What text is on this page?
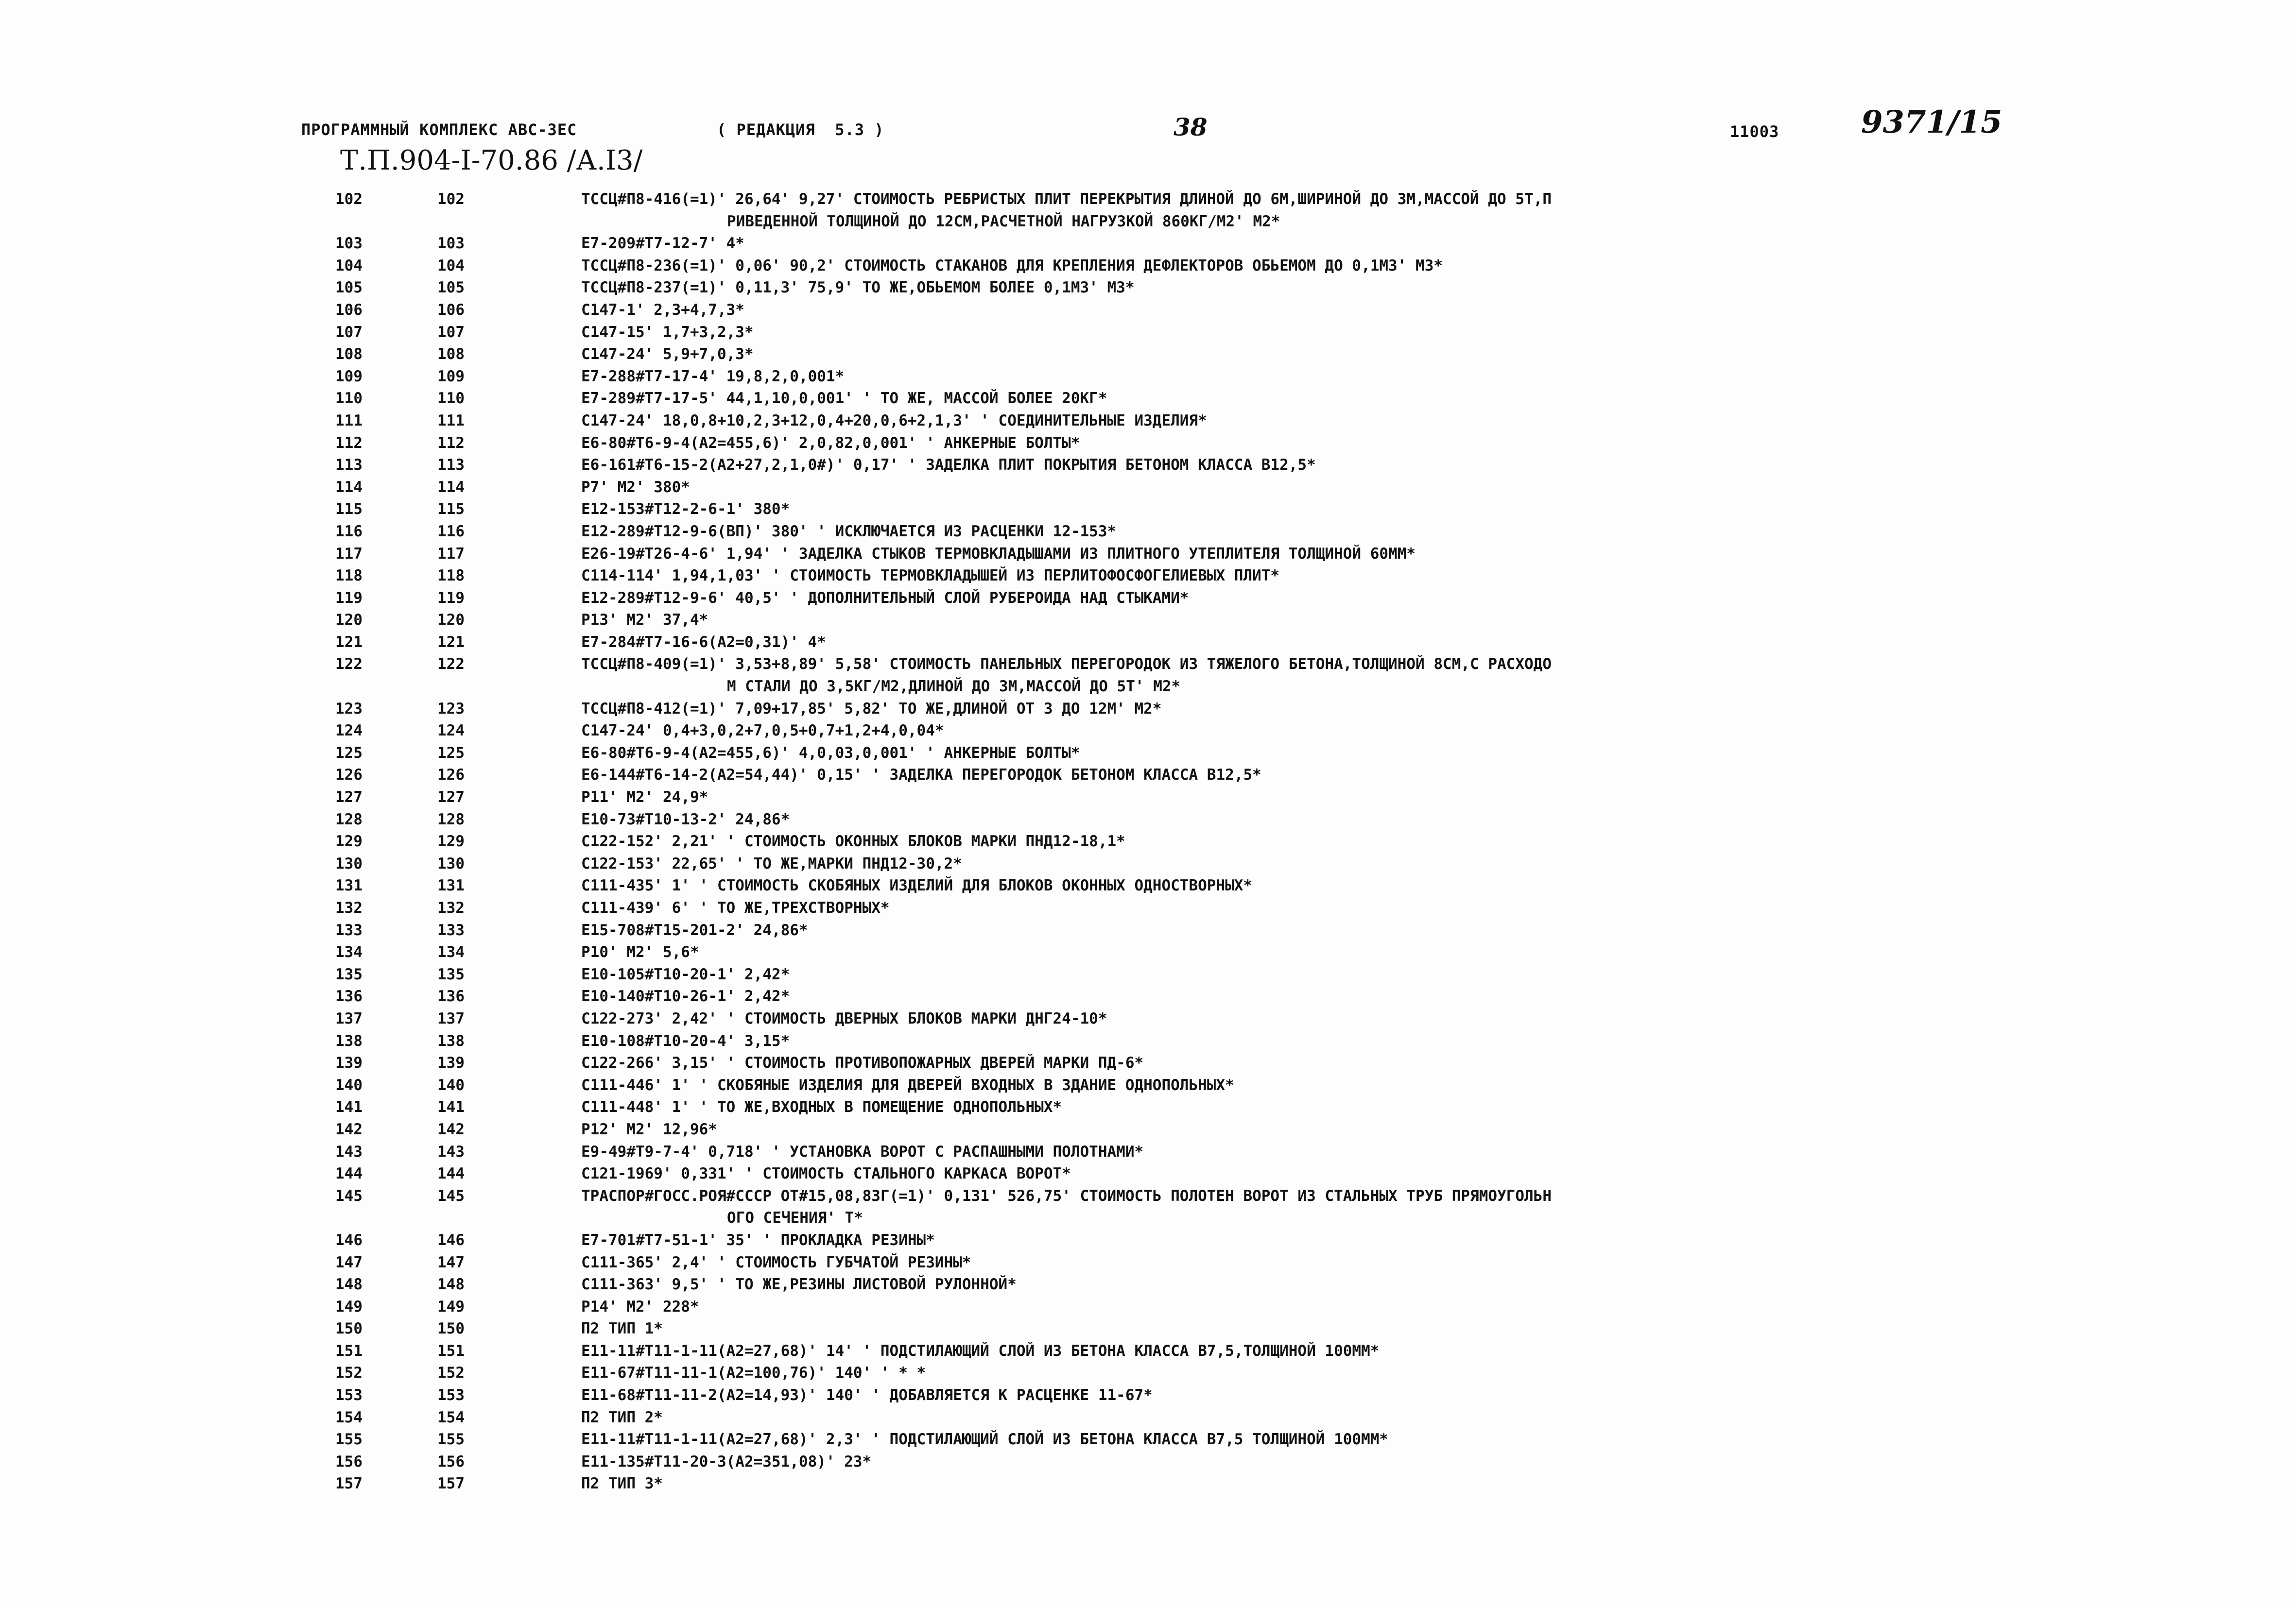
ПРОГРАММНЫЙ КОМПЛЕКС АВС-ЗЕС	( РЕДАКЦИЯ  5.3 )	38	11003	9371/15
Т.П.904-I-70.86 /А.I3/
102	102	ТССЦ#П8-416(=1)' 26,64' 9,27' СТОИМОСТЬ РЕБРИСТЫХ ПЛИТ ПЕРЕКРЫТИЯ ДЛИНОЙ ДО 6М,ШИРИНОЙ ДО 3М,МАССОЙ ДО 5Т,П
РИВЕДЕННОЙ ТОЛЩИНОЙ ДО 12СМ,РАСЧЕТНОЙ НАГРУЗКОЙ 860КГ/М2' М2*
103	103	Е7-209#Т7-12-7' 4*
104	104	ТССЦ#П8-236(=1)' 0,06' 90,2' СТОИМОСТЬ СТАКАНОВ ДЛЯ КРЕПЛЕНИЯ ДЕФЛЕКТОРОВ ОБЬЕМОМ ДО 0,1М3' М3*
105	105	ТССЦ#П8-237(=1)' 0,11,3' 75,9' ТО ЖЕ,ОБЬЕМОМ БОЛЕЕ 0,1М3' М3*
106	106	С147-1' 2,3+4,7,3*
107	107	С147-15' 1,7+3,2,3*
108	108	С147-24' 5,9+7,0,3*
109	109	Е7-288#Т7-17-4' 19,8,2,0,001*
110	110	Е7-289#Т7-17-5' 44,1,10,0,001' ' ТО ЖЕ, МАССОЙ БОЛЕЕ 20КГ*
111	111	С147-24' 18,0,8+10,2,3+12,0,4+20,0,6+2,1,3' ' СОЕДИНИТЕЛЬНЫЕ ИЗДЕЛИЯ*
112	112	Е6-80#Т6-9-4(А2=455,6)' 2,0,82,0,001' ' АНКЕРНЫЕ БОЛТЫ*
113	113	Е6-161#Т6-15-2(А2+27,2,1,0#)' 0,17' ' ЗАДЕЛКА ПЛИТ ПОКРЫТИЯ БЕТОНОМ КЛАССА В12,5*
114	114	Р7' М2' 380*
115	115	Е12-153#Т12-2-6-1' 380*
116	116	Е12-289#Т12-9-6(ВП)' 380' ' ИСКЛЮЧАЕТСЯ ИЗ РАСЦЕНКИ 12-153*
117	117	Е26-19#Т26-4-6' 1,94' ' ЗАДЕЛКА СТЫКОВ ТЕРМОВКЛАДЫШАМИ ИЗ ПЛИТНОГО УТЕПЛИТЕЛЯ ТОЛЩИНОЙ 60ММ*
118	118	С114-114' 1,94,1,03' ' СТОИМОСТЬ ТЕРМОВКЛАДЫШЕЙ ИЗ ПЕРЛИТОФОСФОГЕЛИЕВЫХ ПЛИТ*
119	119	Е12-289#Т12-9-6' 40,5' ' ДОПОЛНИТЕЛЬНЫЙ СЛОЙ РУБЕРОИДА НАД СТЫКАМИ*
120	120	Р13' М2' 37,4*
121	121	Е7-284#Т7-16-6(А2=0,31)' 4*
122	122	ТССЦ#П8-409(=1)' 3,53+8,89' 5,58' СТОИМОСТЬ ПАНЕЛЬНЫХ ПЕРЕГОРОДОК ИЗ ТЯЖЕЛОГО БЕТОНА,ТОЛЩИНОЙ 8СМ,С РАСХОДО
М СТАЛИ ДО 3,5КГ/М2,ДЛИНОЙ ДО 3М,МАССОЙ ДО 5Т' М2*
123	123	ТССЦ#П8-412(=1)' 7,09+17,85' 5,82' ТО ЖЕ,ДЛИНОЙ ОТ 3 ДО 12М' М2*
124	124	С147-24' 0,4+3,0,2+7,0,5+0,7+1,2+4,0,04*
125	125	Е6-80#Т6-9-4(А2=455,6)' 4,0,03,0,001' ' АНКЕРНЫЕ БОЛТЫ*
126	126	Е6-144#Т6-14-2(А2=54,44)' 0,15' ' ЗАДЕЛКА ПЕРЕГОРОДОК БЕТОНОМ КЛАССА В12,5*
127	127	Р11' М2' 24,9*
128	128	Е10-73#Т10-13-2' 24,86*
129	129	С122-152' 2,21' ' СТОИМОСТЬ ОКОННЫХ БЛОКОВ МАРКИ ПНД12-18,1*
130	130	С122-153' 22,65' ' ТО ЖЕ,МАРКИ ПНД12-30,2*
131	131	С111-435' 1' ' СТОИМОСТЬ СКОБЯНЫХ ИЗДЕЛИЙ ДЛЯ БЛОКОВ ОКОННЫХ ОДНОСТВОРНЫХ*
132	132	С111-439' 6' ' ТО ЖЕ,ТРЕХСТВОРНЫХ*
133	133	Е15-708#Т15-201-2' 24,86*
134	134	Р10' М2' 5,6*
135	135	Е10-105#Т10-20-1' 2,42*
136	136	Е10-140#Т10-26-1' 2,42*
137	137	С122-273' 2,42' ' СТОИМОСТЬ ДВЕРНЫХ БЛОКОВ МАРКИ ДНГ24-10*
138	138	Е10-108#Т10-20-4' 3,15*
139	139	С122-266' 3,15' ' СТОИМОСТЬ ПРОТИВОПОЖАРНЫХ ДВЕРЕЙ МАРКИ ПД-6*
140	140	С111-446' 1' ' СКОБЯНЫЕ ИЗДЕЛИЯ ДЛЯ ДВЕРЕЙ ВХОДНЫХ В ЗДАНИЕ ОДНОПОЛЬНЫХ*
141	141	С111-448' 1' ' ТО ЖЕ,ВХОДНЫХ В ПОМЕЩЕНИЕ ОДНОПОЛЬНЫХ*
142	142	Р12' М2' 12,96*
143	143	Е9-49#Т9-7-4' 0,718' ' УСТАНОВКА ВОРОТ С РАСПАШНЫМИ ПОЛОТНАМИ*
144	144	С121-1969' 0,331' ' СТОИМОСТЬ СТАЛЬНОГО КАРКАСА ВОРОТ*
145	145	ТРАСПОР#ГОСС.РОЯ#СССР ОТ#15,08,83Г(=1)' 0,131' 526,75' СТОИМОСТЬ ПОЛОТЕН ВОРОТ ИЗ СТАЛЬНЫХ ТРУБ ПРЯМОУГОЛЬН
ОГО СЕЧЕНИЯ' Т*
146	146	Е7-701#Т7-51-1' 35' ' ПРОКЛАДКА РЕЗИНЫ*
147	147	С111-365' 2,4' ' СТОИМОСТЬ ГУБЧАТОЙ РЕЗИНЫ*
148	148	С111-363' 9,5' ' ТО ЖЕ,РЕЗИНЫ ЛИСТОВОЙ РУЛОННОЙ*
149	149	Р14' М2' 228*
150	150	П2 ТИП 1*
151	151	Е11-11#Т11-1-11(А2=27,68)' 14' ' ПОДСТИЛАЮЩИЙ СЛОЙ ИЗ БЕТОНА КЛАССА В7,5,ТОЛЩИНОЙ 100ММ*
152	152	Е11-67#Т11-11-1(А2=100,76)' 140' ' * *
153	153	Е11-68#Т11-11-2(А2=14,93)' 140' ' ДОБАВЛЯЕТСЯ К РАСЦЕНКЕ 11-67*
154	154	П2 ТИП 2*
155	155	Е11-11#Т11-1-11(А2=27,68)' 2,3' ' ПОДСТИЛАЮЩИЙ СЛОЙ ИЗ БЕТОНА КЛАССА В7,5 ТОЛЩИНОЙ 100ММ*
156	156	Е11-135#Т11-20-3(А2=351,08)' 23*
157	157	П2 ТИП 3*
